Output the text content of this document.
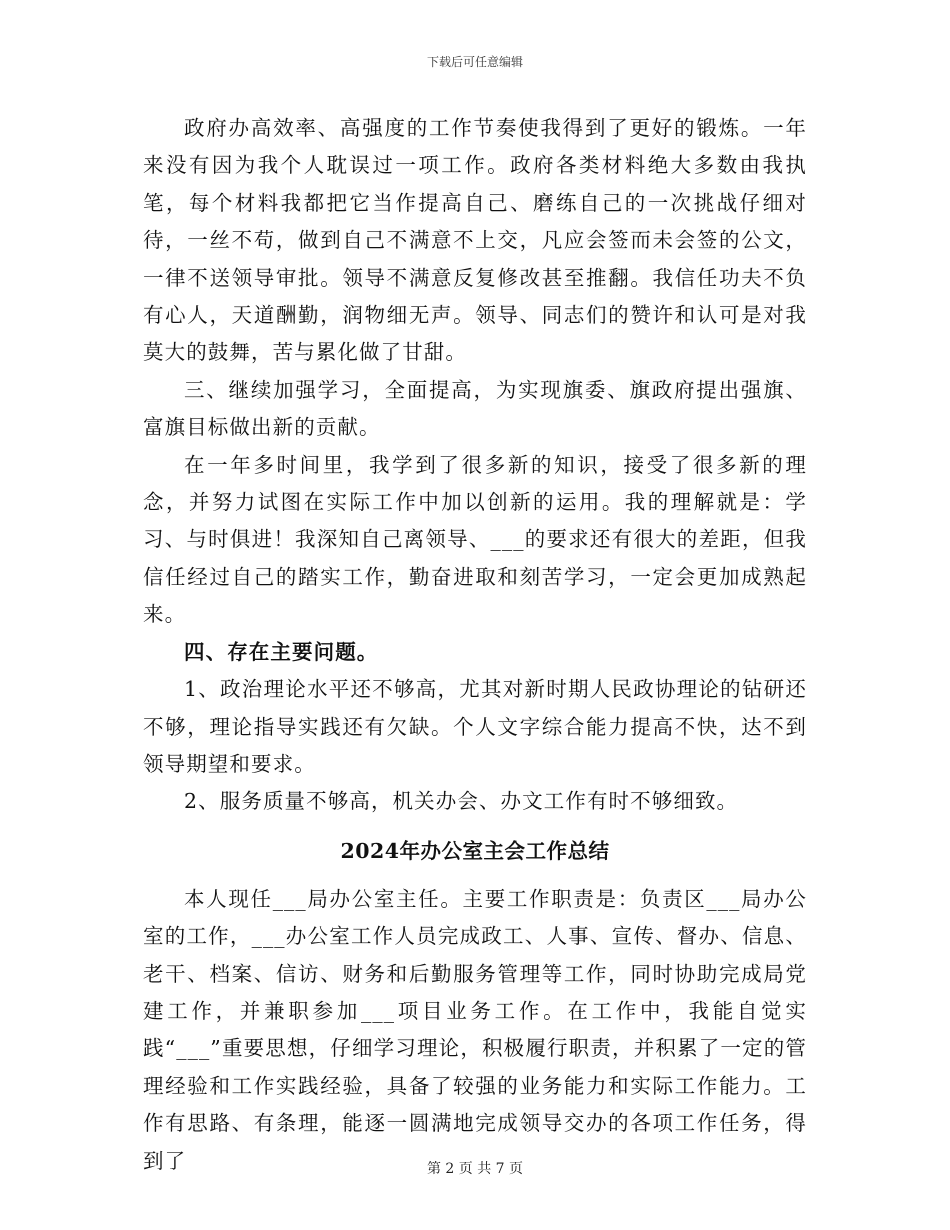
下载后可任意编辑

政府办高效率、高强度的工作节奏使我得到了更好的锻炼。一年来没有因为我个人耽误过一项工作。政府各类材料绝大多数由我执笔，每个材料我都把它当作提高自己、磨练自己的一次挑战仔细对待，一丝不苟，做到自己不满意不上交，凡应会签而未会签的公文，一律不送领导审批。领导不满意反复修改甚至推翻。我信任功夫不负有心人，天道酬勤，润物细无声。领导、同志们的赞许和认可是对我莫大的鼓舞，苦与累化做了甘甜。

三、继续加强学习，全面提高，为实现旗委、旗政府提出强旗、富旗目标做出新的贡献。

在一年多时间里，我学到了很多新的知识，接受了很多新的理念，并努力试图在实际工作中加以创新的运用。我的理解就是：学习、与时俱进！我深知自己离领导、___的要求还有很大的差距，但我信任经过自己的踏实工作，勤奋进取和刻苦学习，一定会更加成熟起来。

四、存在主要问题。

1、政治理论水平还不够高，尤其对新时期人民政协理论的钻研还不够，理论指导实践还有欠缺。个人文字综合能力提高不快，达不到领导期望和要求。

2、服务质量不够高，机关办会、办文工作有时不够细致。

2024年办公室主会工作总结

本人现任___局办公室主任。主要工作职责是：负责区___局办公室的工作，___办公室工作人员完成政工、人事、宣传、督办、信息、老干、档案、信访、财务和后勤服务管理等工作，同时协助完成局党建工作，并兼职参加___项目业务工作。在工作中，我能自觉实践“___”重要思想，仔细学习理论，积极履行职责，并积累了一定的管理经验和工作实践经验，具备了较强的业务能力和实际工作能力。工作有思路、有条理，能逐一圆满地完成领导交办的各项工作任务，得到了	第 2 页 共 7 页
